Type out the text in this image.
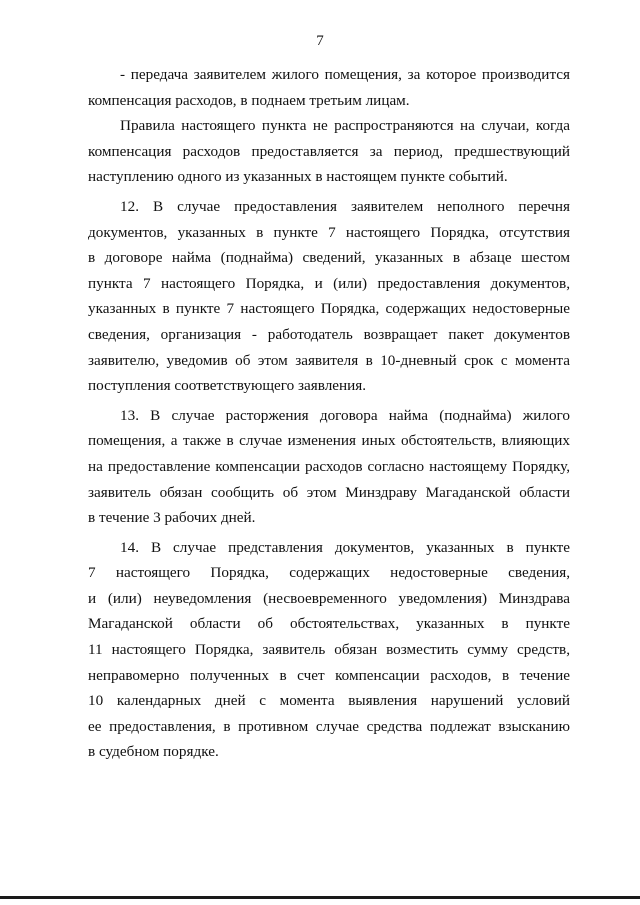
7

- передача заявителем жилого помещения, за которое производится
компенсация расходов, в поднаем третьим лицам.

Правила настоящего пункта не распространяются на случаи, когда
компенсация расходов предоставляется за период, предшествующий
наступлению одного из указанных в настоящем пункте событий.

12. В случае предоставления заявителем неполного перечня
документов, указанных в пункте 7 настоящего Порядка, отсутствия
в договоре найма (поднайма) сведений, указанных в абзаце шестом
пункта 7 настоящего Порядка, и (или) предоставления документов,
указанных в пункте 7 настоящего Порядка, содержащих недостоверные
сведения, организация - работодатель возвращает пакет документов
заявителю, уведомив об этом заявителя в 10-дневный срок с момента
поступления соответствующего заявления.

13. В случае расторжения договора найма (поднайма) жилого
помещения, а также в случае изменения иных обстоятельств, влияющих
на предоставление компенсации расходов согласно настоящему Порядку,
заявитель обязан сообщить об этом Минздраву Магаданской области
в течение 3 рабочих дней.

14. В случае представления документов, указанных в пункте
7 настоящего Порядка, содержащих недостоверные сведения,
и (или) неуведомления (несвоевременного уведомления) Минздрава
Магаданской области об обстоятельствах, указанных в пункте
11 настоящего Порядка, заявитель обязан возместить сумму средств,
неправомерно полученных в счет компенсации расходов, в течение
10 календарных дней с момента выявления нарушений условий
ее предоставления, в противном случае средства подлежат взысканию
в судебном порядке.
